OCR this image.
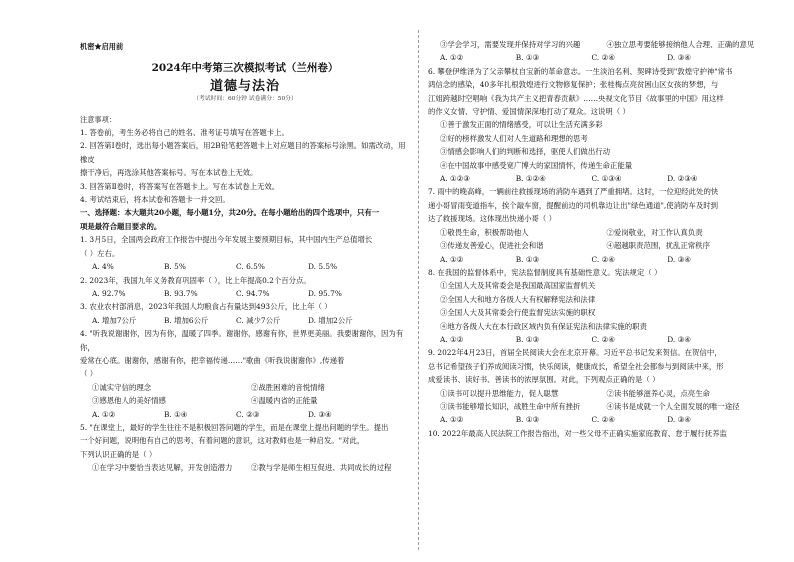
机密★启用前
2024年中考第三次模拟考试（兰州卷）
道德与法治
（考试时间：60分钟 试卷满分：50分）

注意事项：

1. 答卷前，考生务必将自己的姓名、准考证号填写在答题卡上。

2. 回答第Ⅰ卷时，选出每小题答案后，用2B铅笔把答题卡上对应题目的答案标号涂黑。如需改动，用橡皮

擦干净后，再选涂其他答案标号。写在本试卷上无效。

3. 回答第Ⅱ卷时，将答案写在答题卡上。写在本试卷上无效。

4. 考试结束后，将本试卷和答题卡一并交回。

一、选择题：本大题共20小题，每小题1分，共20分。在每小题给出的四个选项中，只有一

项是最符合题目要求的。

1. 3月5日，全国两会政府工作报告中提出今年发展主要预期目标，其中国内生产总值增长

（ ）左右。

A. 4%	B. 5%	C. 6.5%	D. 5.5%

2. 2023年，我国九年义务教育巩固率（ ），比上年提高0.2个百分点。

A. 92.7%	B. 93.7%	C. 94.7%	D. 95.7%

3. 农业农村部消息，2023年我国人均粮食占有量达到493公斤，比上年（ ）

A. 增加7公斤	B. 增加6公斤	C. 减少7公斤	D. 增加2公斤

4. "听我说谢谢你，因为有你，温暖了四季。谢谢你，感谢有你，世界更美丽。我要谢谢你，因为有你，

爱常在心底。谢谢你，感谢有你，把幸福传递……"歌曲《听我说谢谢你》,传递着

（ ）

①诚实守信的理念	②战胜困难的音悦情绪
③感恩他人的美好情感	④温暖内省的正能量
A. ①②	B. ①④	C. ②③	D. ③④

5. "在课堂上，最好的学生往往不是积极回答问题的学生，而是在课堂上提出问题的学生。提出

一个好问题，说明他有自己的思考、有着问题的意识，这对教师也是一种启发。"对此，

下列认识正确的是（ ）

①在学习中要恰当表达见解，开发创造潜力	②教与学是师生相互促进、共同成长的过程
③学会学习，需要发现并保持对学习的兴趣	④独立思考要能够接纳他人合理、正确的意见
A. ①②	B. ①③	C. ②④	D. ③④

6. 攀登伊维泽为了父亲攀杖自宝新的革命意志。一生淡泊名利、契碑诗受到"敦煌守护神"常书

鸿信念的感染，40多年扎根敦煌进行文物修复保护；张桂梅点亮贫困山区女孩的梦想，与

江姐跨越时空唱响《我为共产主义把青春贡献》……央视文化节目《故事里的中国》用这样

的作义女情、守护情、爱国情深深地打动了观众。这说明（ ）

①善于激发正面的情绪感受，可以让生活充满多彩
②好的榜样激发人们对人生道路和理想的思考
③情感会影响人们的判断和选择，驱使人们做出行动
④在中国故事中感受宽广博大的家国情怀，传递生命正能量
A. ①②③	B. ①②④	C. ①③④	D. ②③④

7. 雨中的晚高峰，一辆前往救援现场的消防车遇到了严重拥堵。这时，一位迎经此处的快

递小哥冒雨变道指车，挨个敲车窗，提醒前边的司机靠边让出"绿色通道",使消防车及时到

达了救援现场。这体现出快递小哥（ ）

①敬畏生命，积极帮助他人	②爱岗敬业，对工作认真负责
③传递友善爱心，促进社会和谐	④超越职责范围，扰乱正常秩序
A. ①②	B. ①③	C. ②④	D. ③④

8. 在我国的监督体系中，宪法监督制度具有基础性意义。宪法规定（ ）

①全国人大及其常委会是我国最高国家监督机关
②全国人大和地方各级人大有权解释宪法和法律
③全国人大及其常委会行使监督宪法实施的职权
④地方各级人大在本行政区域内负有保证宪法和法律实施的职责
A. ①②	B. ①③	C. ②④	D. ③④

9. 2022年4月23日，首届全民阅读大会在北京开幕。习近平总书记发来贺信。在贺信中，

总书记希望孩子们养成阅读习惯，快乐阅读，健康成长，希望全社会都参与到阅读中来，形

成爱读书、读好书、善读书的浓厚氛围。对此，下列观点正确的是（ ）

①读书可以提升思维能力，促人聪慧	②读书能够滋养心灵，点亮生命
③读书能够增长知识，战胜生命中所有挫折	④读书是成就一个人全面发展的唯一途径
A. ①②	B. ①③	C. ②④	D. ③④

10. 2022年最高人民法院工作报告指出，对一些父母不正确实施家庭教育、怠于履行抚养监
